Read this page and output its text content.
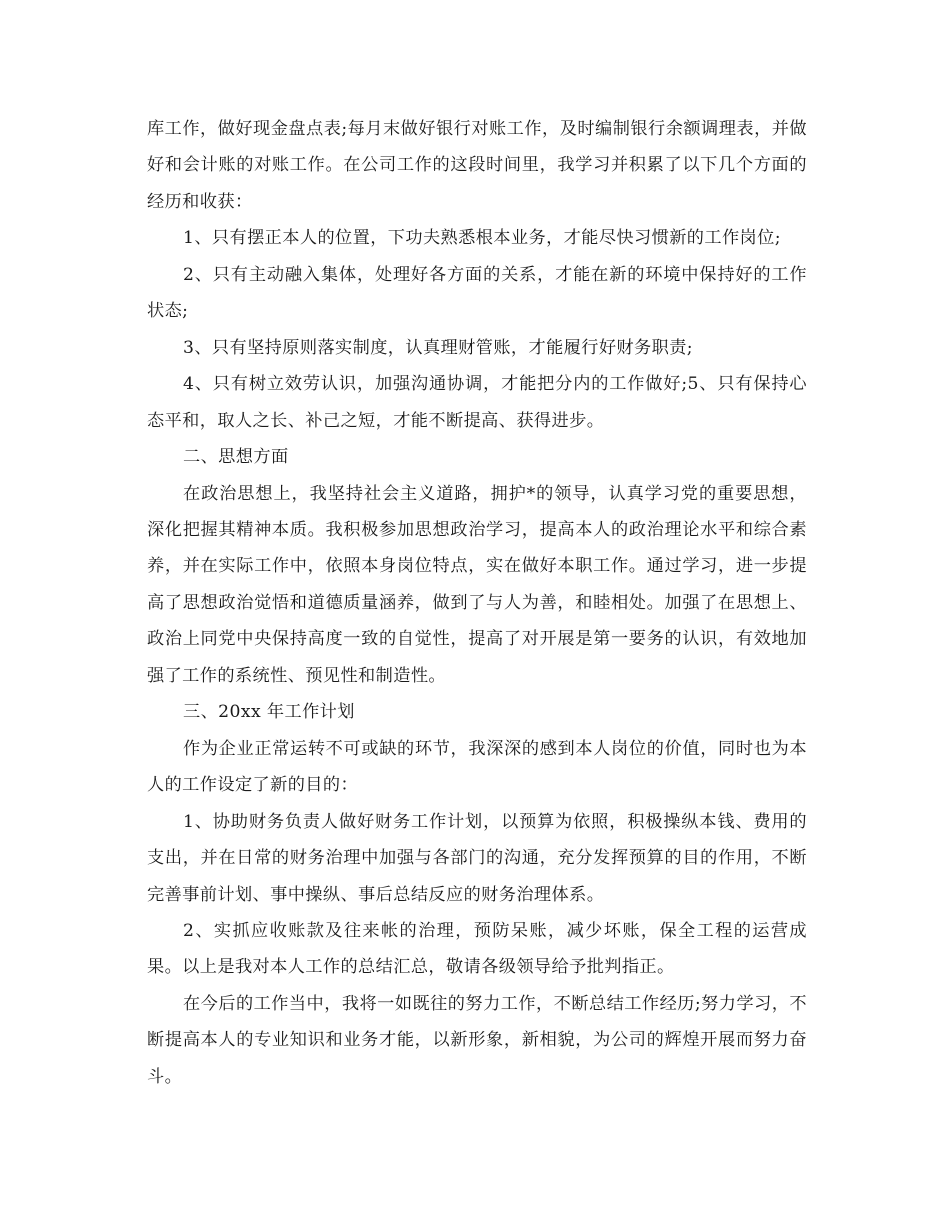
库工作，做好现金盘点表;每月末做好银行对账工作，及时编制银行余额调理表，并做好和会计账的对账工作。在公司工作的这段时间里，我学习并积累了以下几个方面的经历和收获：

1、只有摆正本人的位置，下功夫熟悉根本业务，才能尽快习惯新的工作岗位;

2、只有主动融入集体，处理好各方面的关系，才能在新的环境中保持好的工作状态;

3、只有坚持原则落实制度，认真理财管账，才能履行好财务职责;

4、只有树立效劳认识，加强沟通协调，才能把分内的工作做好;5、只有保持心态平和，取人之长、补己之短，才能不断提高、获得进步。

二、思想方面

在政治思想上，我坚持社会主义道路，拥护*的领导，认真学习党的重要思想，深化把握其精神本质。我积极参加思想政治学习，提高本人的政治理论水平和综合素养，并在实际工作中，依照本身岗位特点，实在做好本职工作。通过学习，进一步提高了思想政治觉悟和道德质量涵养，做到了与人为善，和睦相处。加强了在思想上、政治上同党中央保持高度一致的自觉性，提高了对开展是第一要务的认识，有效地加强了工作的系统性、预见性和制造性。

三、20xx 年工作计划

作为企业正常运转不可或缺的环节，我深深的感到本人岗位的价值，同时也为本人的工作设定了新的目的：

1、协助财务负责人做好财务工作计划，以预算为依照，积极操纵本钱、费用的支出，并在日常的财务治理中加强与各部门的沟通，充分发挥预算的目的作用，不断完善事前计划、事中操纵、事后总结反应的财务治理体系。

2、实抓应收账款及往来帐的治理，预防呆账，减少坏账，保全工程的运营成果。以上是我对本人工作的总结汇总，敬请各级领导给予批判指正。

在今后的工作当中，我将一如既往的努力工作，不断总结工作经历;努力学习，不断提高本人的专业知识和业务才能，以新形象，新相貌，为公司的辉煌开展而努力奋斗。
